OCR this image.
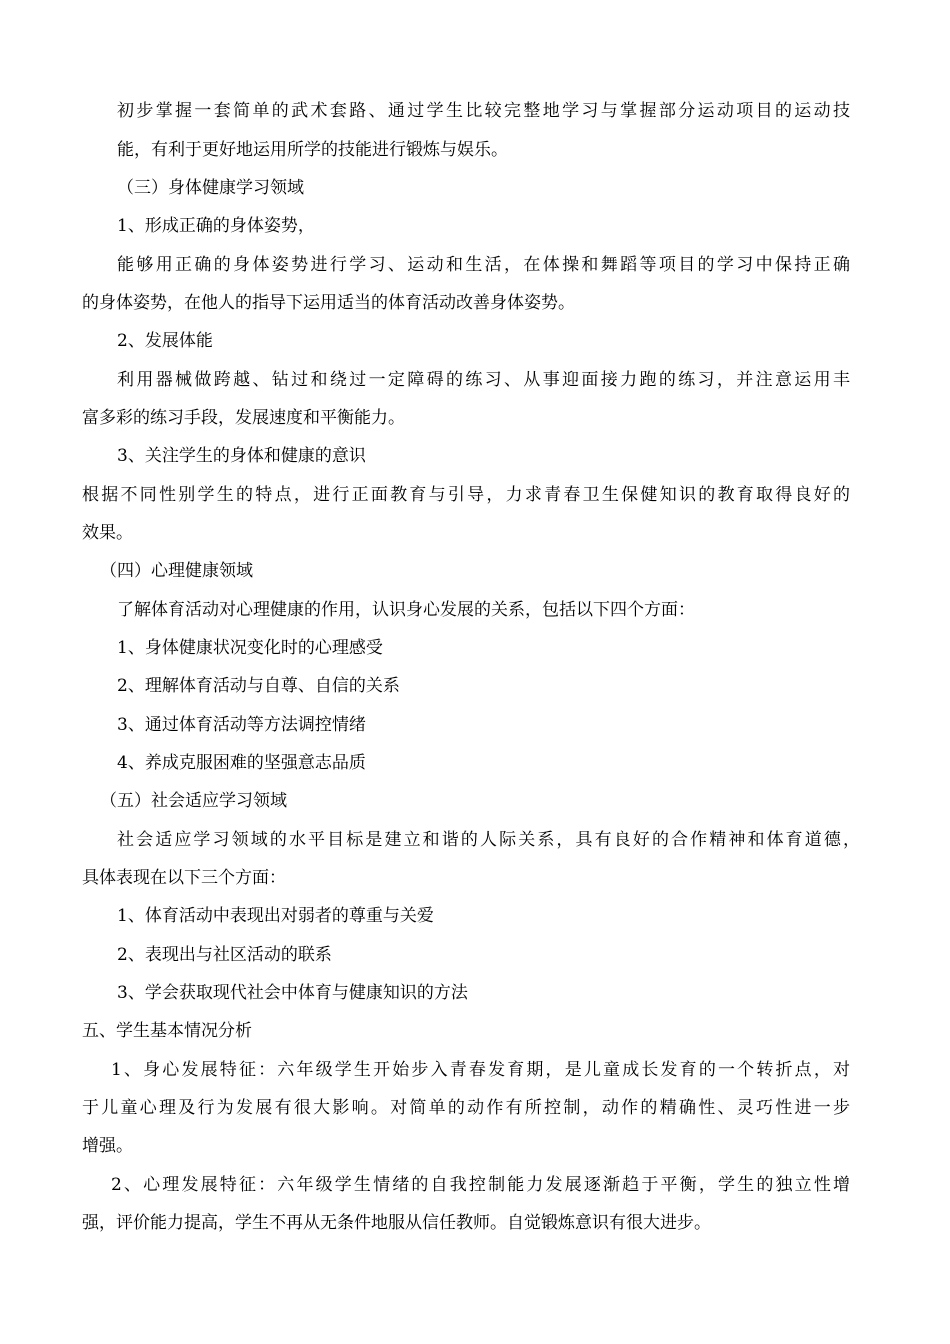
初步掌握一套简单的武术套路、通过学生比较完整地学习与掌握部分运动项目的运动技
能，有利于更好地运用所学的技能进行锻炼与娱乐。
（三）身体健康学习领域
1、形成正确的身体姿势，
能够用正确的身体姿势进行学习、运动和生活，在体操和舞蹈等项目的学习中保持正确
的身体姿势，在他人的指导下运用适当的体育活动改善身体姿势。
2、发展体能
利用器械做跨越、钻过和绕过一定障碍的练习、从事迎面接力跑的练习，并注意运用丰
富多彩的练习手段，发展速度和平衡能力。
3、关注学生的身体和健康的意识
根据不同性别学生的特点，进行正面教育与引导，力求青春卫生保健知识的教育取得良好的
效果。
（四）心理健康领域
了解体育活动对心理健康的作用，认识身心发展的关系，包括以下四个方面：
1、身体健康状况变化时的心理感受
2、理解体育活动与自尊、自信的关系
3、通过体育活动等方法调控情绪
4、养成克服困难的坚强意志品质
（五）社会适应学习领域
社会适应学习领域的水平目标是建立和谐的人际关系，具有良好的合作精神和体育道德，
具体表现在以下三个方面：
1、体育活动中表现出对弱者的尊重与关爱
2、表现出与社区活动的联系
3、学会获取现代社会中体育与健康知识的方法
五、学生基本情况分析
1、身心发展特征：六年级学生开始步入青春发育期，是儿童成长发育的一个转折点，对
于儿童心理及行为发展有很大影响。对简单的动作有所控制，动作的精确性、灵巧性进一步
增强。
2、心理发展特征：六年级学生情绪的自我控制能力发展逐渐趋于平衡，学生的独立性增
强，评价能力提高，学生不再从无条件地服从信任教师。自觉锻炼意识有很大进步。
